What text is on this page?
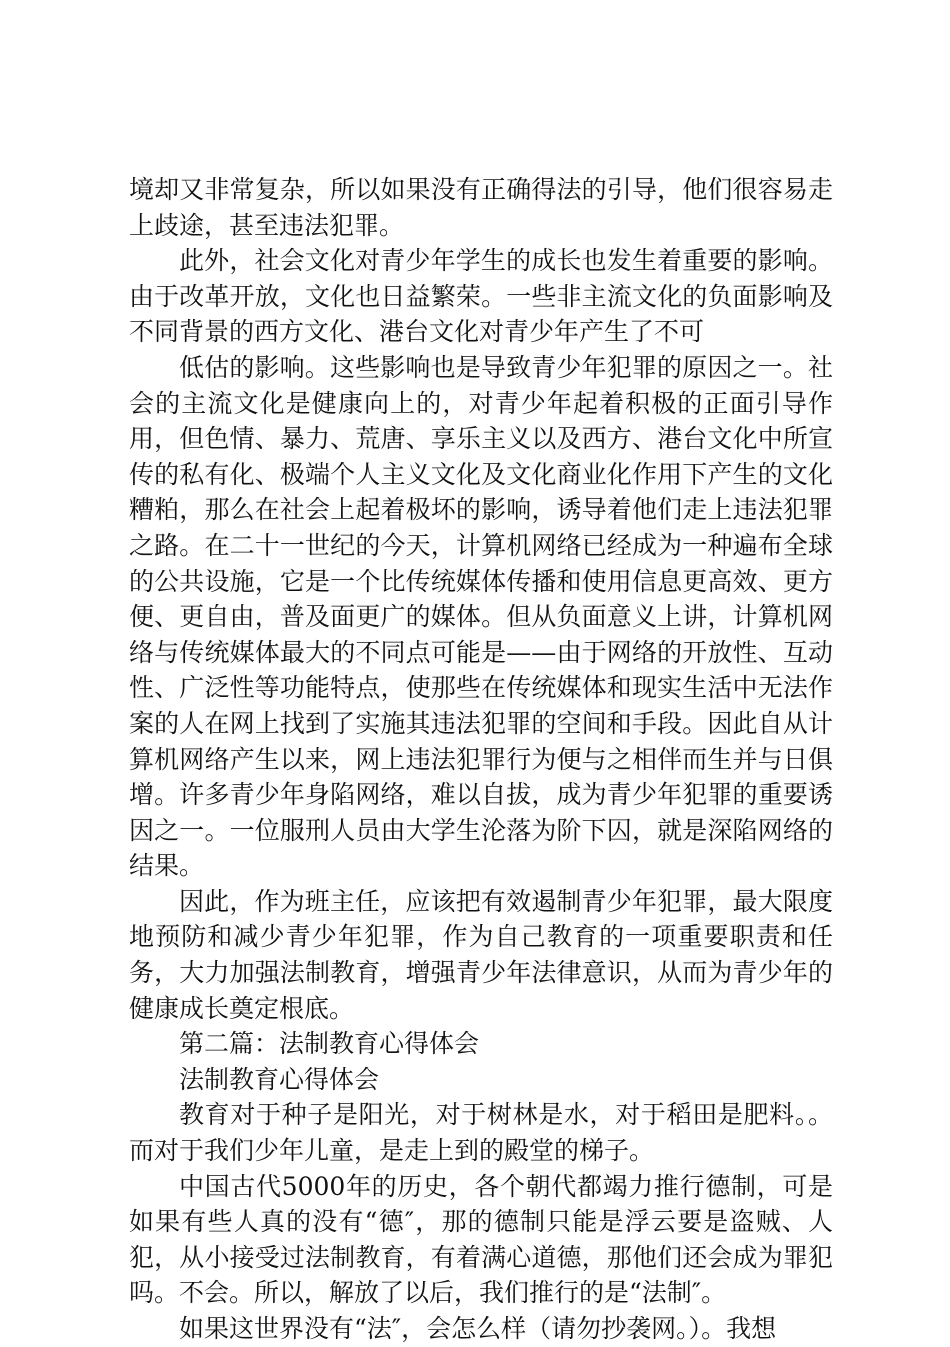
境却又非常复杂，所以如果没有正确得法的引导，他们很容易走上歧途，甚至违法犯罪。

此外，社会文化对青少年学生的成长也发生着重要的影响。由于改革开放，文化也日益繁荣。一些非主流文化的负面影响及不同背景的西方文化、港台文化对青少年产生了不可

低估的影响。这些影响也是导致青少年犯罪的原因之一。社会的主流文化是健康向上的，对青少年起着积极的正面引导作用，但色情、暴力、荒唐、享乐主义以及西方、港台文化中所宣传的私有化、极端个人主义文化及文化商业化作用下产生的文化糟粕，那么在社会上起着极坏的影响，诱导着他们走上违法犯罪之路。在二十一世纪的今天，计算机网络已经成为一种遍布全球的公共设施，它是一个比传统媒体传播和使用信息更高效、更方便、更自由，普及面更广的媒体。但从负面意义上讲，计算机网络与传统媒体最大的不同点可能是——由于网络的开放性、互动性、广泛性等功能特点，使那些在传统媒体和现实生活中无法作案的人在网上找到了实施其违法犯罪的空间和手段。因此自从计算机网络产生以来，网上违法犯罪行为便与之相伴而生并与日俱增。许多青少年身陷网络，难以自拔，成为青少年犯罪的重要诱因之一。一位服刑人员由大学生沦落为阶下囚，就是深陷网络的结果。

因此，作为班主任，应该把有效遏制青少年犯罪，最大限度地预防和减少青少年犯罪，作为自己教育的一项重要职责和任务，大力加强法制教育，增强青少年法律意识，从而为青少年的健康成长奠定根底。

第二篇：法制教育心得体会

法制教育心得体会

教育对于种子是阳光，对于树林是水，对于稻田是肥料。。而对于我们少年儿童，是走上到的殿堂的梯子。

中国古代5000年的历史，各个朝代都竭力推行德制，可是如果有些人真的没有“德″，那的德制只能是浮云要是盗贼、人犯，从小接受过法制教育，有着满心道德，那他们还会成为罪犯吗。不会。所以，解放了以后，我们推行的是“法制″。

如果这世界没有“法″，会怎么样（请勿抄袭网。）。我想
